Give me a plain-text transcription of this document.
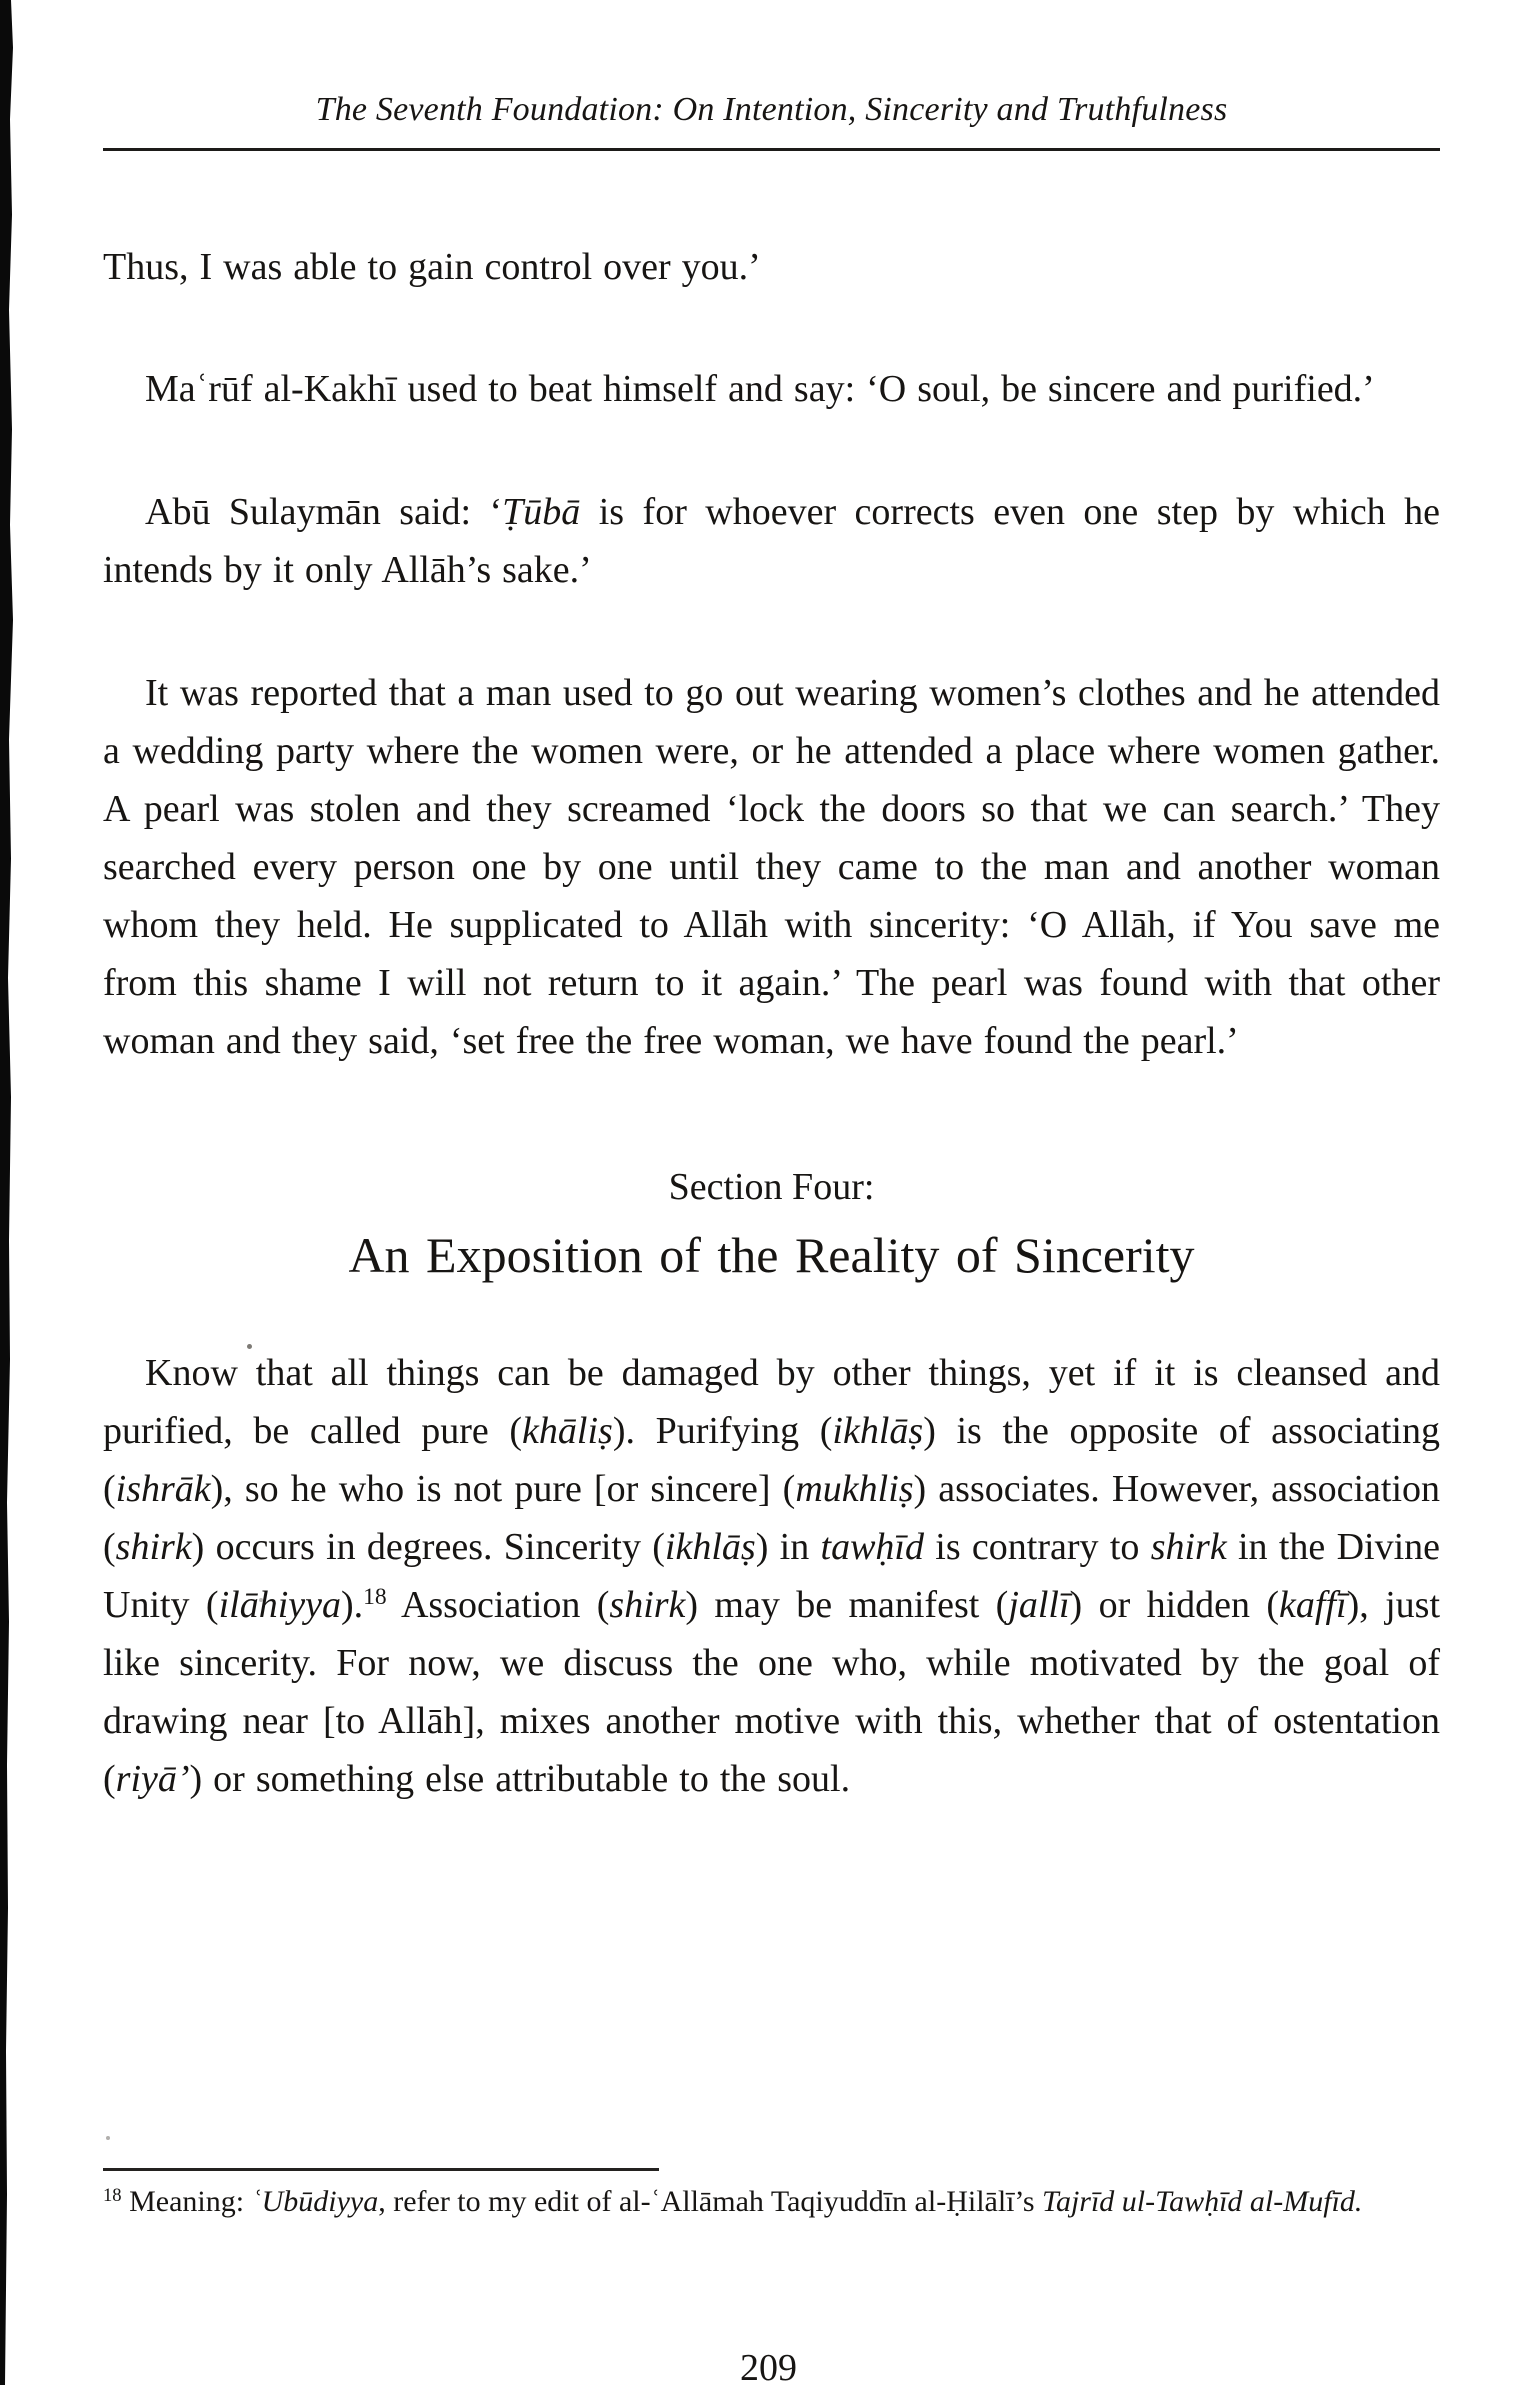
The Seventh Foundation: On Intention, Sincerity and Truthfulness

Thus, I was able to gain control over you.’

Maʿrūf al-Kakhī used to beat himself and say: ‘O soul, be sincere and purified.’

Abū Sulaymān said: ‘Ṭūbā is for whoever corrects even one step by which he intends by it only Allāh’s sake.’

It was reported that a man used to go out wearing women’s clothes and he attended a wedding party where the women were, or he attended a place where women gather. A pearl was stolen and they screamed ‘lock the doors so that we can search.’ They searched every person one by one until they came to the man and another woman whom they held. He supplicated to Allāh with sincerity: ‘O Allāh, if You save me from this shame I will not return to it again.’ The pearl was found with that other woman and they said, ‘set free the free woman, we have found the pearl.’

Section Four:
An Exposition of the Reality of Sincerity

Know that all things can be damaged by other things, yet if it is cleansed and purified, be called pure (khāliṣ). Purifying (ikhlāṣ) is the opposite of associating (ishrāk), so he who is not pure [or sincere] (mukhliṣ) associates. However, association (shirk) occurs in degrees. Sincerity (ikhlāṣ) in tawḥīd is contrary to shirk in the Divine Unity (ilāhiyya).$^{18}$ Association (shirk) may be manifest (jallī) or hidden (kaffī), just like sincerity. For now, we discuss the one who, while motivated by the goal of drawing near [to Allāh], mixes another motive with this, whether that of ostentation (riyā’) or something else attributable to the soul.

$^{18}$ Meaning: ʿUbūdiyya, refer to my edit of al-ʿAllāmah Taqiyuddīn al-Ḥilālī’s Tajrīd ul-Tawḥīd al-Mufīd.

209
